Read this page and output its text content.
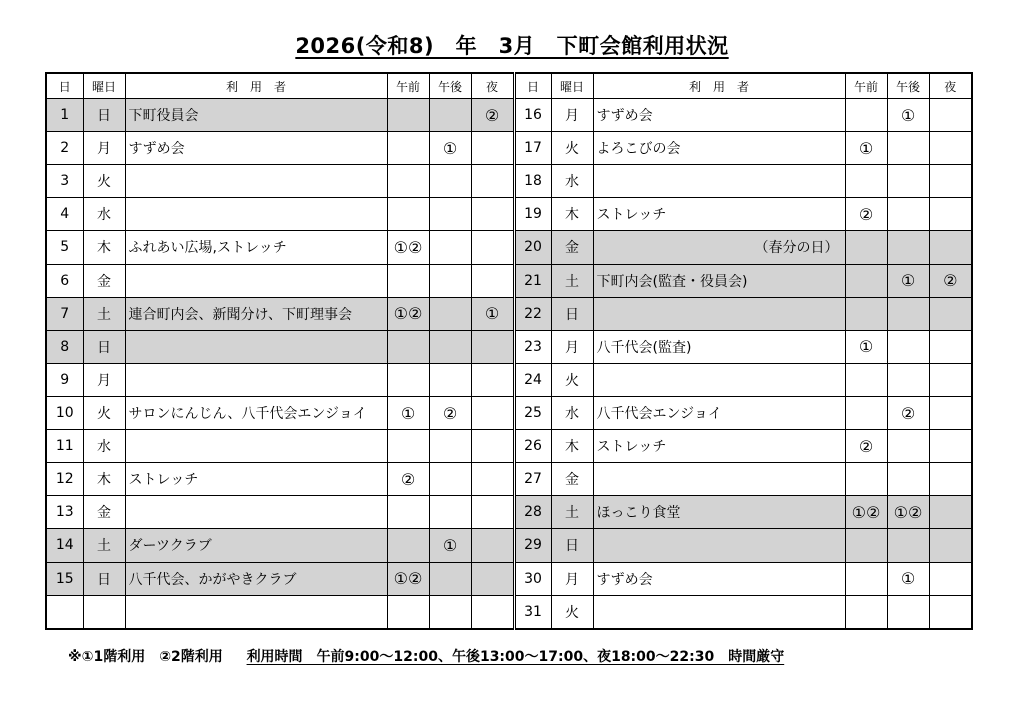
2026(令和8)　年　3月　下町会館利用状況
日	曜日	利　用　者	午前	午後	夜	日	曜日	利　用　者	午前	午後	夜
1	日	下町役員会			②	16	月	すずめ会		①	
2	月	すずめ会		①		17	火	よろこびの会	①		
3	火					18	水				
4	水					19	木	ストレッチ	②		
5	木	ふれあい広場,ストレッチ	①②			20	金	（春分の日）			
6	金					21	土	下町内会(監査・役員会)		①	②
7	土	連合町内会、新聞分け、下町理事会	①②		①	22	日				
8	日					23	月	八千代会(監査)	①		
9	月					24	火				
10	火	サロンにんじん、八千代会エンジョイ	①	②		25	水	八千代会エンジョイ		②	
11	水					26	木	ストレッチ	②		
12	木	ストレッチ	②			27	金				
13	金					28	土	ほっこり食堂	①②	①②	
14	土	ダーツクラブ		①		29	日				
15	日	八千代会、かがやきクラブ	①②			30	月	すずめ会		①	
						31	火				
※①1階利用　②2階利用 　 利用時間　午前9:00～12:00、午後13:00～17:00、夜18:00～22:30　時間厳守
